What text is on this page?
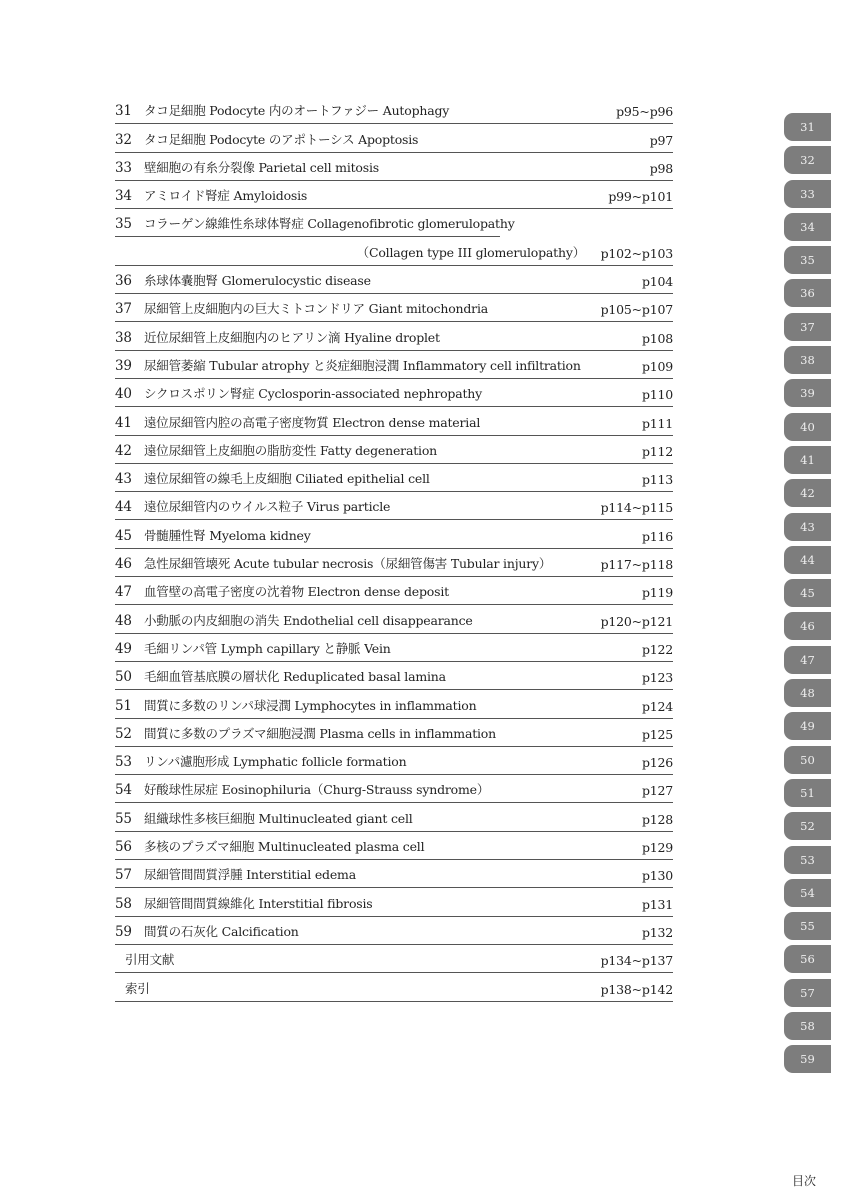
31 タコ足細胞 Podocyte 内のオートファジー Autophagy	p95~p96
32 タコ足細胞 Podocyte のアポトーシス Apoptosis	p97
33 壁細胞の有糸分裂像 Parietal cell mitosis	p98
34 アミロイド腎症 Amyloidosis	p99~p101
35 コラーゲン線維性糸球体腎症 Collagenofibrotic glomerulopathy
（Collagen type III glomerulopathy） p102~p103
36 糸球体嚢胞腎 Glomerulocystic disease	p104
37 尿細管上皮細胞内の巨大ミトコンドリア Giant mitochondria	p105~p107
38 近位尿細管上皮細胞内のヒアリン滴 Hyaline droplet	p108
39 尿細管萎縮 Tubular atrophy と炎症細胞浸潤 Inflammatory cell infiltration	p109
40 シクロスポリン腎症 Cyclosporin-associated nephropathy	p110
41 遠位尿細管内腔の高電子密度物質 Electron dense material	p111
42 遠位尿細管上皮細胞の脂肪変性 Fatty degeneration	p112
43 遠位尿細管の線毛上皮細胞 Ciliated epithelial cell	p113
44 遠位尿細管内のウイルス粒子 Virus particle	p114~p115
45 骨髄腫性腎 Myeloma kidney	p116
46 急性尿細管壊死 Acute tubular necrosis（尿細管傷害 Tubular injury）	p117~p118
47 血管壁の高電子密度の沈着物 Electron dense deposit	p119
48 小動脈の内皮細胞の消失 Endothelial cell disappearance	p120~p121
49 毛細リンパ管 Lymph capillary と静脈 Vein	p122
50 毛細血管基底膜の層状化 Reduplicated basal lamina	p123
51 間質に多数のリンパ球浸潤 Lymphocytes in inflammation	p124
52 間質に多数のプラズマ細胞浸潤 Plasma cells in inflammation	p125
53 リンパ濾胞形成 Lymphatic follicle formation	p126
54 好酸球性尿症 Eosinophiluria（Churg-Strauss syndrome）	p127
55 組織球性多核巨細胞 Multinucleated giant cell	p128
56 多核のプラズマ細胞 Multinucleated plasma cell	p129
57 尿細管間間質浮腫 Interstitial edema	p130
58 尿細管間間質線維化 Interstitial fibrosis	p131
59 間質の石灰化 Calcification	p132
引用文献	p134~p137
索引	p138~p142
31
32
33
34
35
36
37
38
39
40
41
42
43
44
45
46
47
48
49
50
51
52
53
54
55
56
57
58
59
目次
